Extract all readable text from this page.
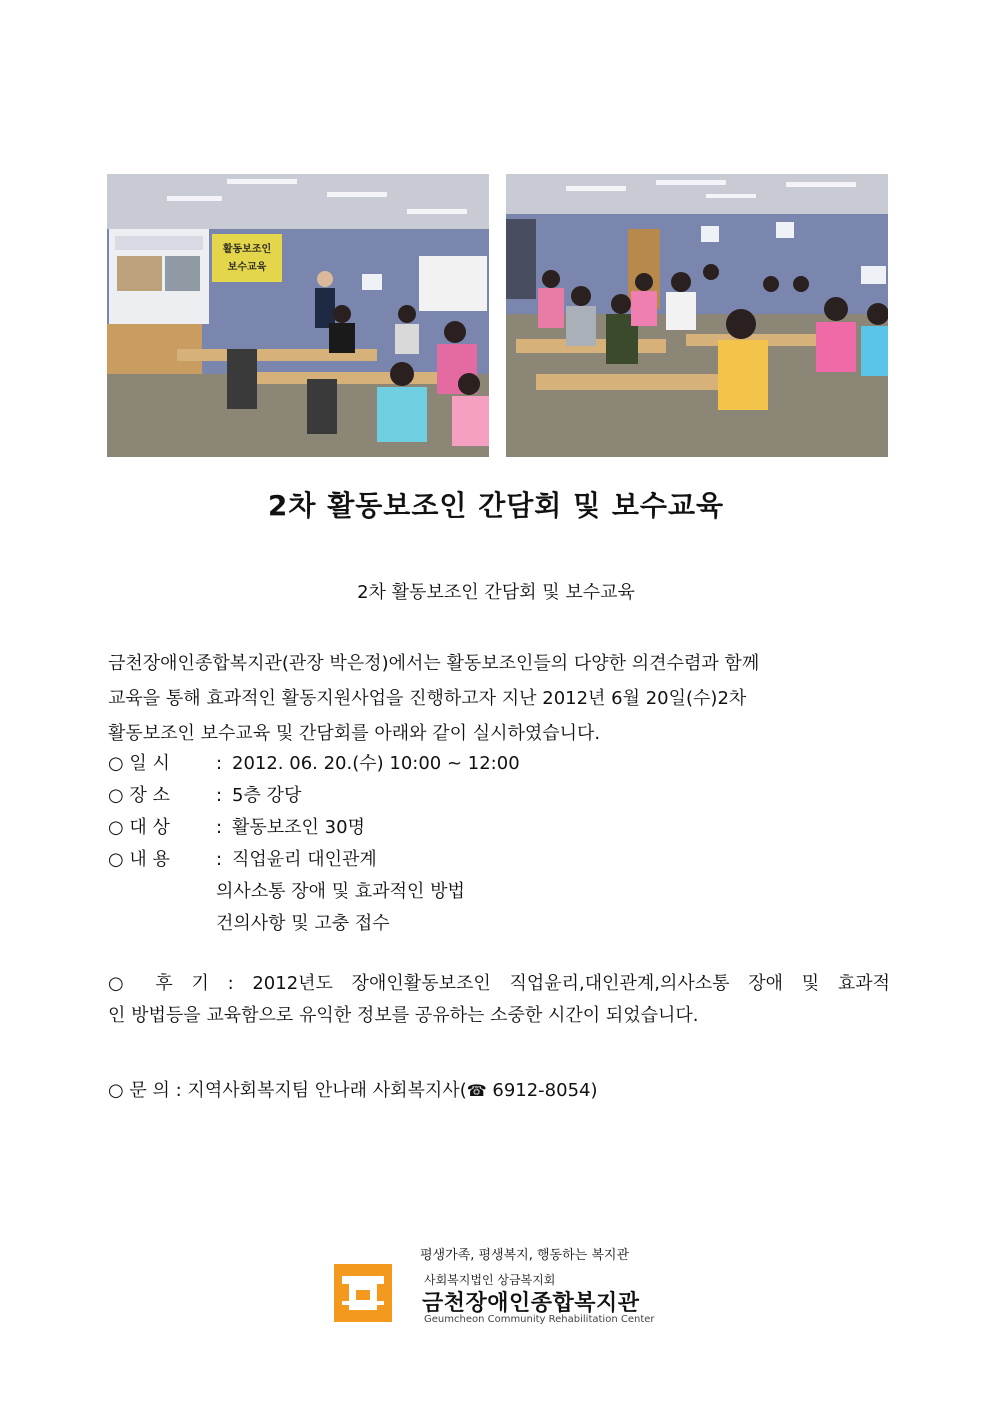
활동보조인
보수교육
2차 활동보조인 간담회 및 보수교육
2차 활동보조인 간담회 및 보수교육
금천장애인종합복지관(관장 박은정)에서는 활동보조인들의 다양한 의견수렴과 함께
교육을 통해 효과적인 활동지원사업을 진행하고자 지난 2012년 6월 20일(수)2차
활동보조인 보수교육 및 간담회를 아래와 같이 실시하였습니다.
○ 일 시	: 2012. 06. 20.(수) 10:00 ~ 12:00
○ 장 소	: 5층 강당
○ 대 상	: 활동보조인 30명
○ 내 용	: 직업윤리 대인관계
의사소통 장애 및 효과적인 방법
건의사항 및 고충 접수
○ 후 기 : 2012년도 장애인활동보조인 직업윤리,대인관계,의사소통 장애 및 효과적
인 방법등을 교육함으로 유익한 정보를 공유하는 소중한 시간이 되었습니다.
○ 문 의 : 지역사회복지팀 안나래 사회복지사(☎ 6912-8054)
평생가족, 평생복지, 행동하는 복지관
사회복지법인 상금복지회
금천장애인종합복지관
Geumcheon Community Rehabilitation Center
